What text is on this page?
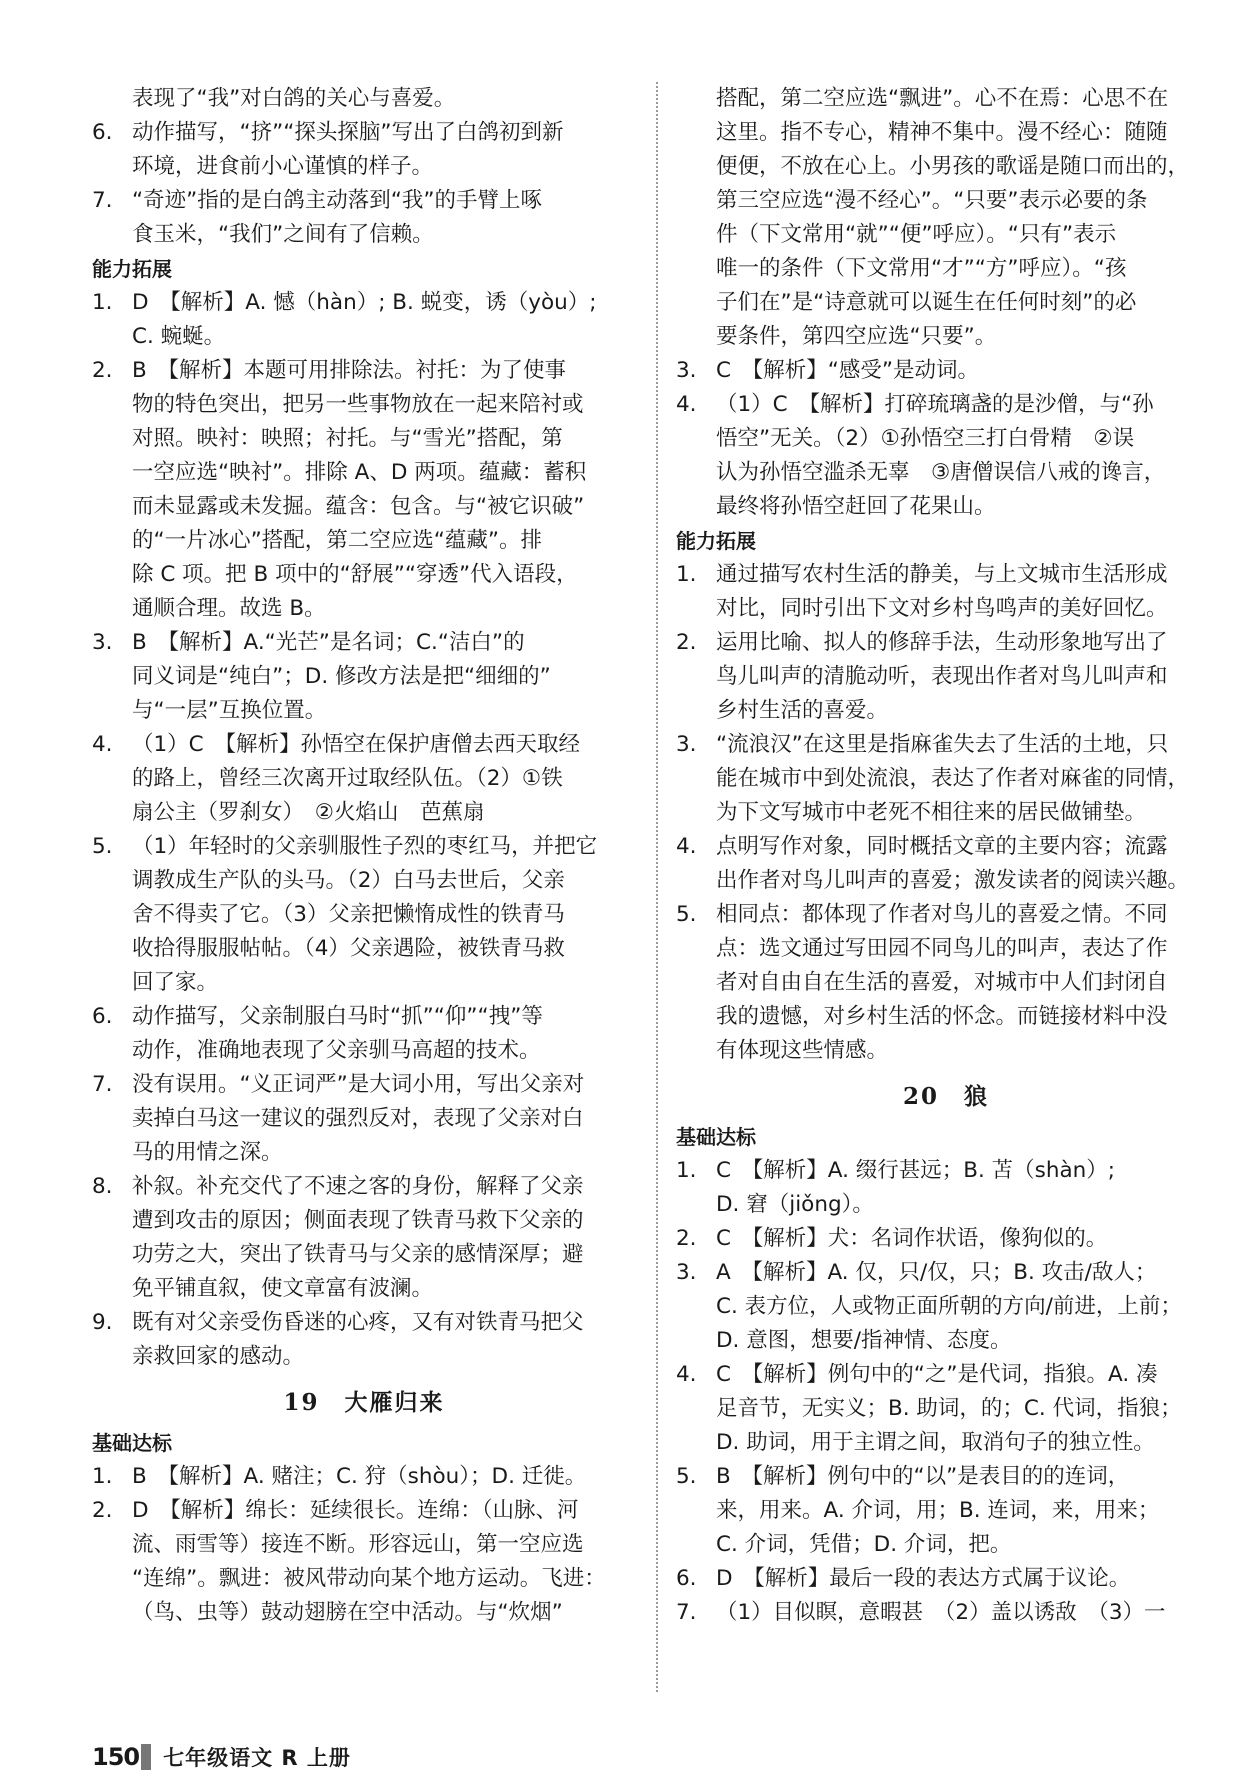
表现了“我”对白鸽的关心与喜爱。
6. 动作描写，“挤”“探头探脑”写出了白鸽初到新
环境，进食前小心谨慎的样子。
7. “奇迹”指的是白鸽主动落到“我”的手臂上啄
食玉米，“我们”之间有了信赖。

能力拓展

1. D　【解析】A. 憾（hàn）; B. 蜕变，诱（yòu）;
C. 蜿蜒。
2. B　【解析】本题可用排除法。衬托：为了使事
物的特色突出，把另一些事物放在一起来陪衬或
对照。映衬：映照；衬托。与“雪光”搭配，第
一空应选“映衬”。排除 A、D 两项。蕴藏：蓄积
而未显露或未发掘。蕴含：包含。与“被它识破”
的“一片冰心”搭配，第二空应选“蕴藏”。排
除 C 项。把 B 项中的“舒展”“穿透”代入语段，
通顺合理。故选 B。
3. B　【解析】A.“光芒”是名词；C.“洁白”的
同义词是“纯白”；D. 修改方法是把“细细的”
与“一层”互换位置。
4. （1）C　【解析】孙悟空在保护唐僧去西天取经
的路上，曾经三次离开过取经队伍。（2）①铁
扇公主（罗刹女）　②火焰山　芭蕉扇
5. （1）年轻时的父亲驯服性子烈的枣红马，并把它
调教成生产队的头马。（2）白马去世后，父亲
舍不得卖了它。（3）父亲把懒惰成性的铁青马
收拾得服服帖帖。（4）父亲遇险，被铁青马救
回了家。
6. 动作描写，父亲制服白马时“抓”“仰”“拽”等
动作，准确地表现了父亲驯马高超的技术。
7. 没有误用。“义正词严”是大词小用，写出父亲对
卖掉白马这一建议的强烈反对，表现了父亲对白
马的用情之深。
8. 补叙。补充交代了不速之客的身份，解释了父亲
遭到攻击的原因；侧面表现了铁青马救下父亲的
功劳之大，突出了铁青马与父亲的感情深厚；避
免平铺直叙，使文章富有波澜。
9. 既有对父亲受伤昏迷的心疼，又有对铁青马把父
亲救回家的感动。

19　大雁归来

基础达标

1. B　【解析】A. 赌注；C. 狩（shòu）；D. 迁徙。
2. D　【解析】绵长：延续很长。连绵：（山脉、河
流、雨雪等）接连不断。形容远山，第一空应选
“连绵”。飘进：被风带动向某个地方运动。飞进：
（鸟、虫等）鼓动翅膀在空中活动。与“炊烟”
搭配，第二空应选“飘进”。心不在焉：心思不在
这里。指不专心，精神不集中。漫不经心：随随
便便，不放在心上。小男孩的歌谣是随口而出的，
第三空应选“漫不经心”。“只要”表示必要的条
件（下文常用“就”“便”呼应）。“只有”表示
唯一的条件（下文常用“才”“方”呼应）。“孩
子们在”是“诗意就可以诞生在任何时刻”的必
要条件，第四空应选“只要”。
3. C　【解析】“感受”是动词。
4. （1）C　【解析】打碎琉璃盏的是沙僧，与“孙
悟空”无关。（2）①孙悟空三打白骨精　②误
认为孙悟空滥杀无辜　③唐僧误信八戒的谗言，
最终将孙悟空赶回了花果山。

能力拓展

1. 通过描写农村生活的静美，与上文城市生活形成
对比，同时引出下文对乡村鸟鸣声的美好回忆。
2. 运用比喻、拟人的修辞手法，生动形象地写出了
鸟儿叫声的清脆动听，表现出作者对鸟儿叫声和
乡村生活的喜爱。
3. “流浪汉”在这里是指麻雀失去了生活的土地，只
能在城市中到处流浪，表达了作者对麻雀的同情，
为下文写城市中老死不相往来的居民做铺垫。
4. 点明写作对象，同时概括文章的主要内容；流露
出作者对鸟儿叫声的喜爱；激发读者的阅读兴趣。
5. 相同点：都体现了作者对鸟儿的喜爱之情。不同
点：选文通过写田园不同鸟儿的叫声，表达了作
者对自由自在生活的喜爱，对城市中人们封闭自
我的遗憾，对乡村生活的怀念。而链接材料中没
有体现这些情感。

20　狼

基础达标

1. C　【解析】A. 缀行甚远；B. 苫（shàn）;
D. 窘（jiǒng）。
2. C　【解析】犬：名词作状语，像狗似的。
3. A　【解析】A. 仅，只/仅，只；B. 攻击/敌人；
C. 表方位，人或物正面所朝的方向/前进，上前；
D. 意图，想要/指神情、态度。
4. C　【解析】例句中的“之”是代词，指狼。A. 凑
足音节，无实义；B. 助词，的；C. 代词，指狼；
D. 助词，用于主谓之间，取消句子的独立性。
5. B　【解析】例句中的“以”是表目的的连词，
来，用来。A. 介词，用；B. 连词，来，用来；
C. 介词，凭借；D. 介词，把。
6. D　【解析】最后一段的表达方式属于议论。
7. （1）目似瞑，意暇甚　（2）盖以诱敌　（3）一
150 七年级语文 R 上册
